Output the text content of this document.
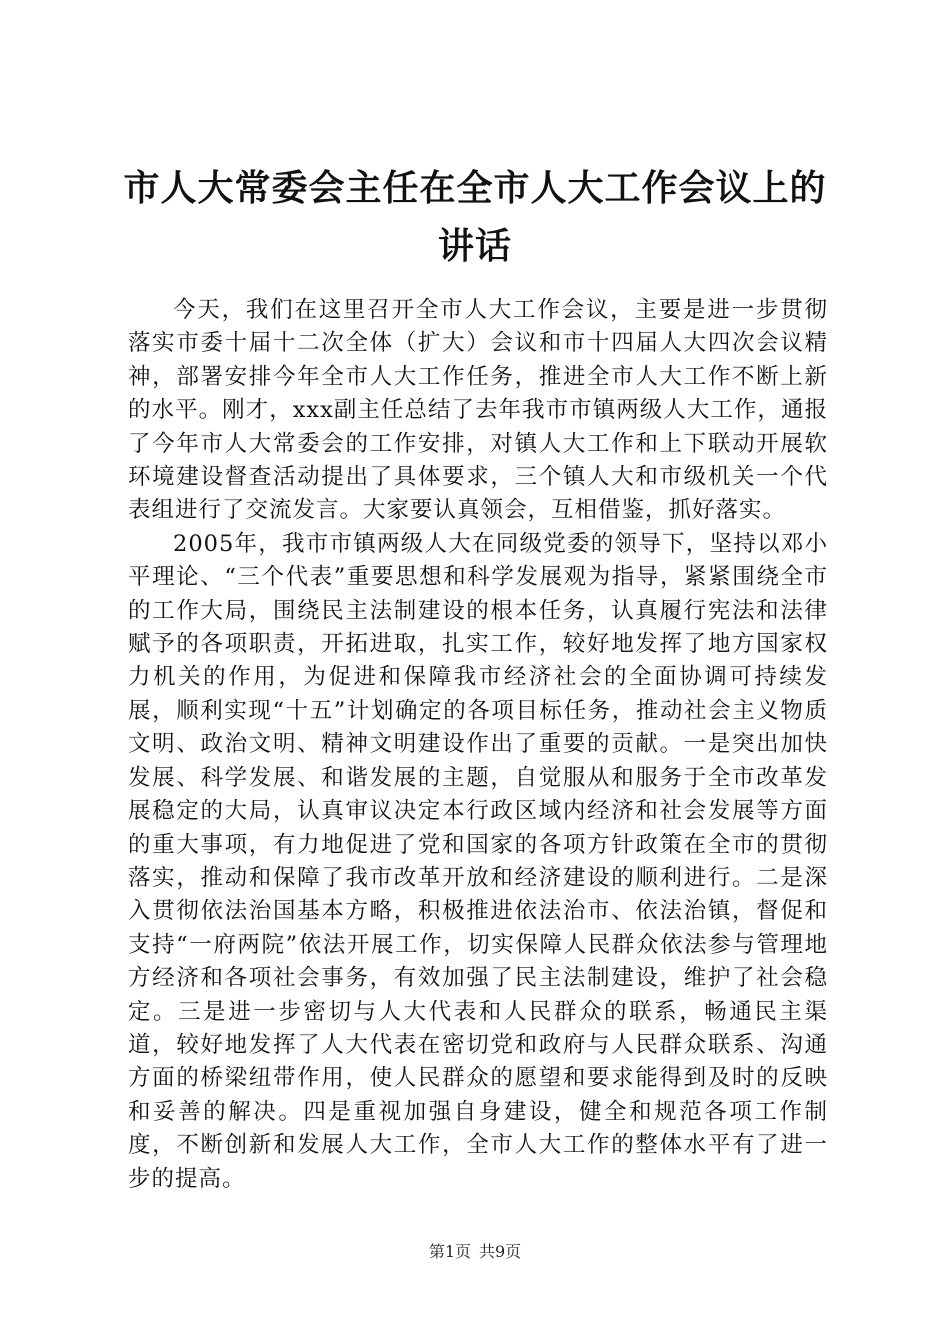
市人大常委会主任在全市人大工作会议上的讲话

今天，我们在这里召开全市人大工作会议，主要是进一步贯彻落实市委十届十二次全体（扩大）会议和市十四届人大四次会议精神，部署安排今年全市人大工作任务，推进全市人大工作不断上新的水平。刚才，xxx副主任总结了去年我市市镇两级人大工作，通报了今年市人大常委会的工作安排，对镇人大工作和上下联动开展软环境建设督查活动提出了具体要求，三个镇人大和市级机关一个代表组进行了交流发言。大家要认真领会，互相借鉴，抓好落实。

2005年，我市市镇两级人大在同级党委的领导下，坚持以邓小平理论、“三个代表”重要思想和科学发展观为指导，紧紧围绕全市的工作大局，围绕民主法制建设的根本任务，认真履行宪法和法律赋予的各项职责，开拓进取，扎实工作，较好地发挥了地方国家权力机关的作用，为促进和保障我市经济社会的全面协调可持续发展，顺利实现“十五”计划确定的各项目标任务，推动社会主义物质文明、政治文明、精神文明建设作出了重要的贡献。一是突出加快发展、科学发展、和谐发展的主题，自觉服从和服务于全市改革发展稳定的大局，认真审议决定本行政区域内经济和社会发展等方面的重大事项，有力地促进了党和国家的各项方针政策在全市的贯彻落实，推动和保障了我市改革开放和经济建设的顺利进行。二是深入贯彻依法治国基本方略，积极推进依法治市、依法治镇，督促和支持“一府两院”依法开展工作，切实保障人民群众依法参与管理地方经济和各项社会事务，有效加强了民主法制建设，维护了社会稳定。三是进一步密切与人大代表和人民群众的联系，畅通民主渠道，较好地发挥了人大代表在密切党和政府与人民群众联系、沟通方面的桥梁纽带作用，使人民群众的愿望和要求能得到及时的反映和妥善的解决。四是重视加强自身建设，健全和规范各项工作制度，不断创新和发展人大工作，全市人大工作的整体水平有了进一步的提高。

第1页 共9页
